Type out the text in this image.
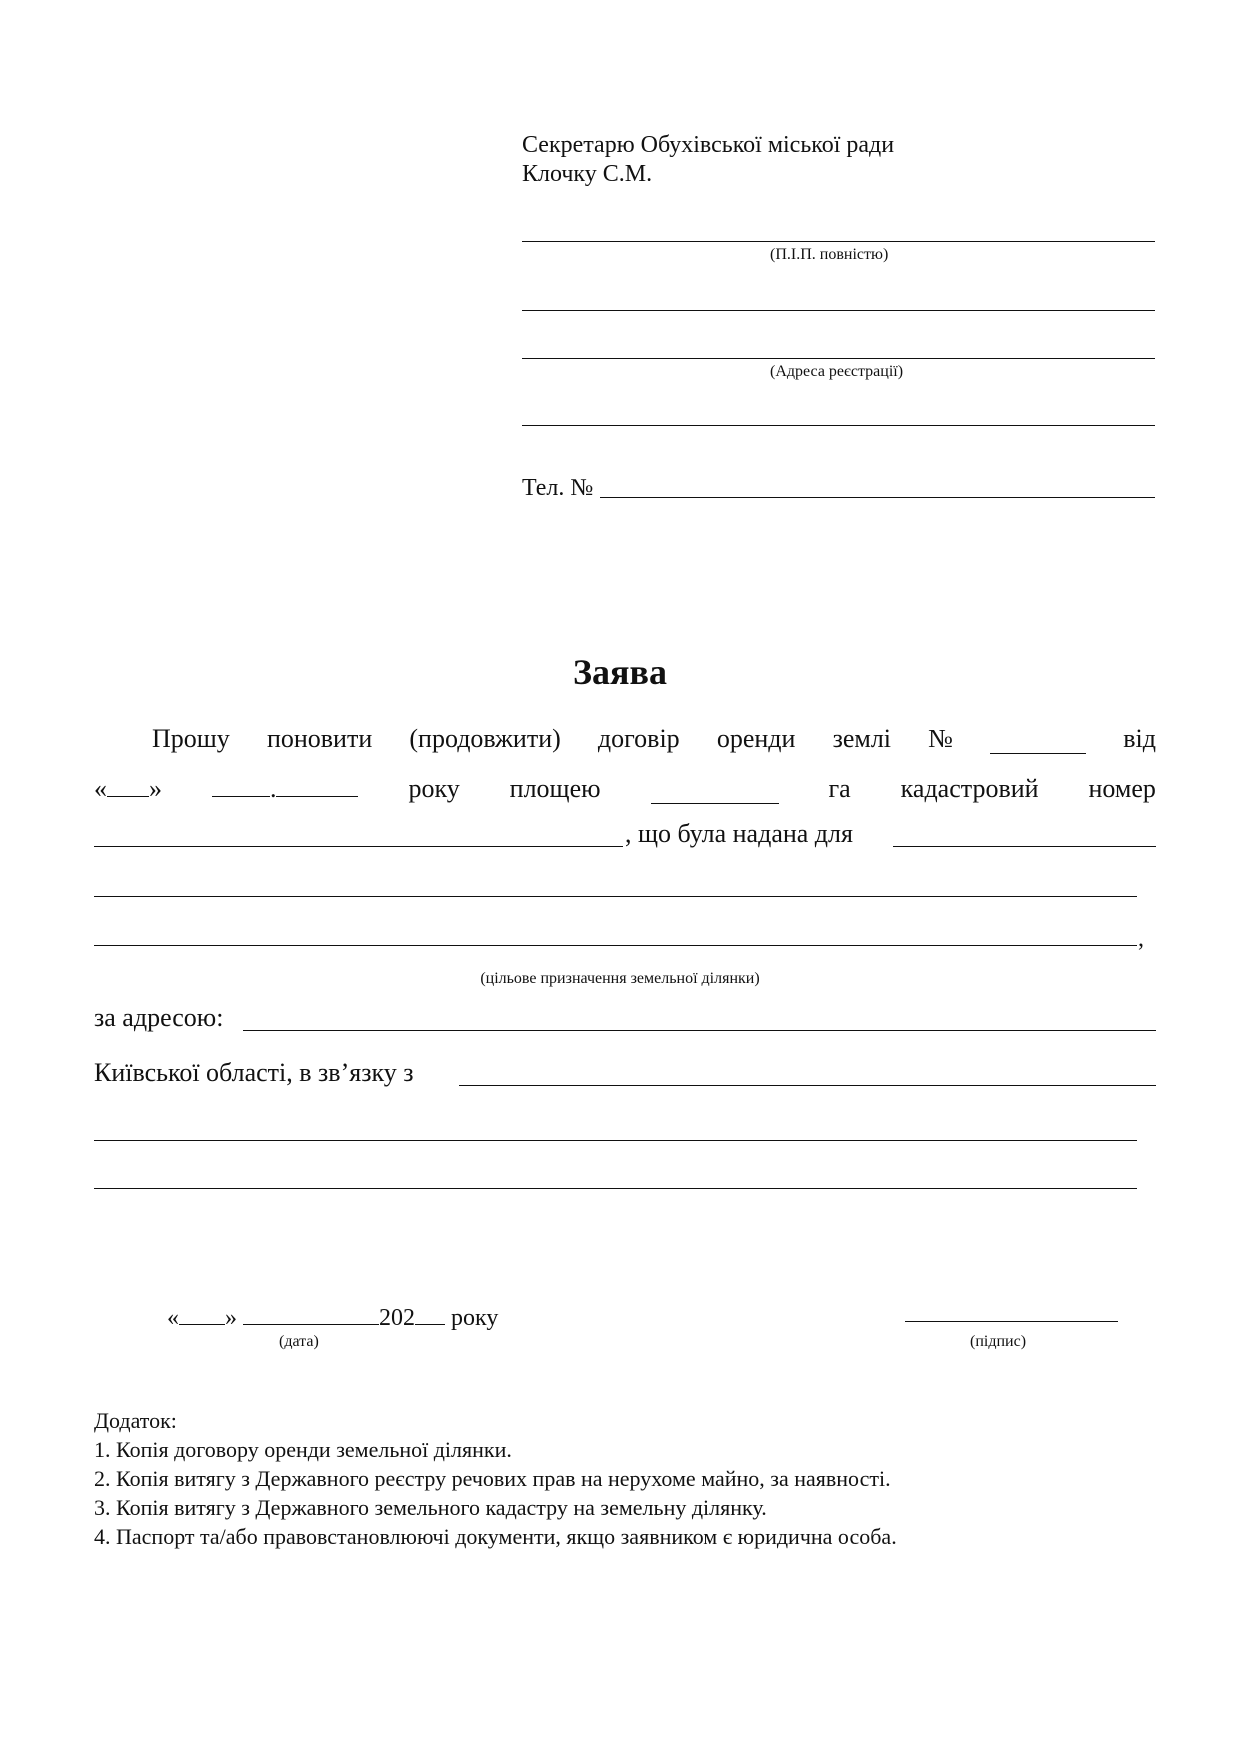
Секретарю Обухівської міської ради
Клочку С.М.
(П.І.П. повністю)
(Адреса реєстрації)
Тел. №
Заява
Прошу поновити (продовжити) договір оренди землі №	від
« »	.	року площею	га кадастровий номер
, що була надана для
,
(цільове призначення земельної ділянки)
за адресою:
Київської області, в зв’язку з
« »	202 року
(дата)	(підпис)
Додаток:
1. Копія договору оренди земельної ділянки.
2. Копія витягу з Державного реєстру речових прав на нерухоме майно, за наявності.
3. Копія витягу з Державного земельного кадастру на земельну ділянку.
4. Паспорт та/або правовстановлюючі документи, якщо заявником є юридична особа.
